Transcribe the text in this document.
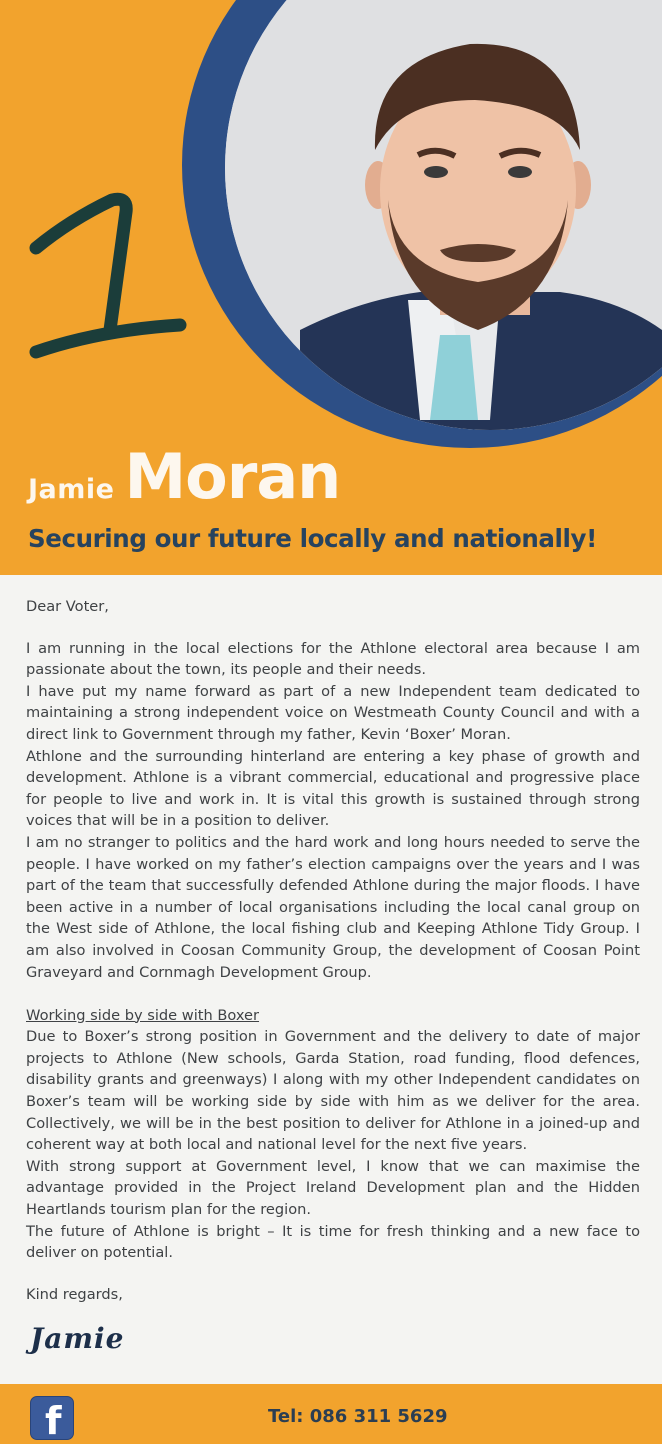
Jamie Moran
Securing our future locally and nationally!

Dear Voter,

I am running in the local elections for the Athlone electoral area because I am passionate about the town, its people and their needs.

I have put my name forward as part of a new Independent team dedicated to maintaining a strong independent voice on Westmeath County Council and with a direct link to Government through my father, Kevin ‘Boxer’ Moran.

Athlone and the surrounding hinterland are entering a key phase of growth and development. Athlone is a vibrant commercial, educational and progressive place for people to live and work in. It is vital this growth is sustained through strong voices that will be in a position to deliver.

I am no stranger to politics and the hard work and long hours needed to serve the people. I have worked on my father’s election campaigns over the years and I was part of the team that successfully defended Athlone during the major floods. I have been active in a number of local organisations including the local canal group on the West side of Athlone, the local fishing club and Keeping Athlone Tidy Group. I am also involved in Coosan Community Group, the development of Coosan Point Graveyard and Cornmagh Development Group.

Working side by side with Boxer

Due to Boxer’s strong position in Government and the delivery to date of major projects to Athlone (New schools, Garda Station, road funding, flood defences, disability grants and greenways) I along with my other Independent candidates on Boxer’s team will be working side by side with him as we deliver for the area. Collectively, we will be in the best position to deliver for Athlone in a joined-up and coherent way at both local and national level for the next five years.

With strong support at Government level, I know that we can maximise the advantage provided in the Project Ireland Development plan and the Hidden Heartlands tourism plan for the region.

The future of Athlone is bright – It is time for fresh thinking and a new face to deliver on potential.

Kind regards,

Jamie
f	Tel: 086 311 5629
